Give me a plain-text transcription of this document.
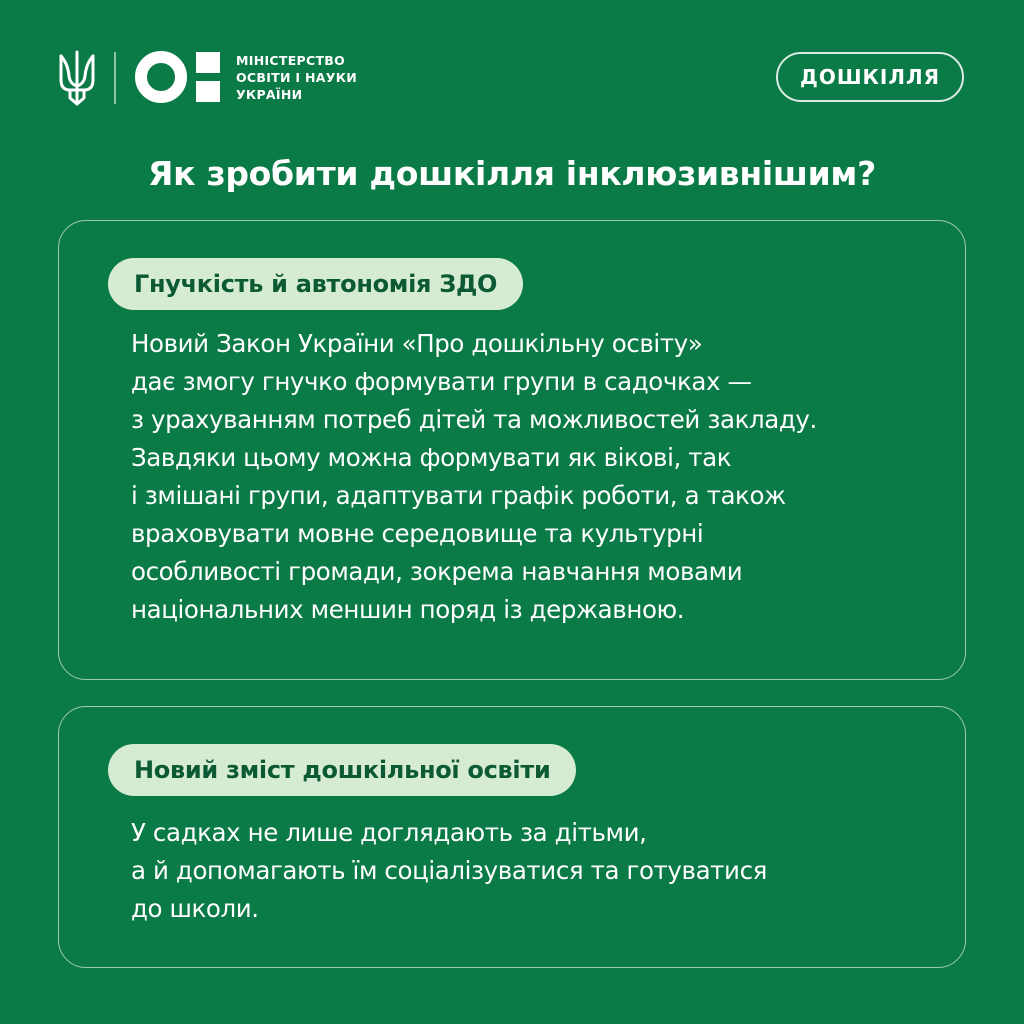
МІНІСТЕРСТВО
ОСВІТИ І НАУКИ
УКРАЇНИ
ДОШКІЛЛЯ
Як зробити дошкілля інклюзивнішим?
Гнучкість й автономія ЗДО
Новий Закон України «Про дошкільну освіту»
дає змогу гнучко формувати групи в садочках —
з урахуванням потреб дітей та можливостей закладу.
Завдяки цьому можна формувати як вікові, так
і змішані групи, адаптувати графік роботи, а також
враховувати мовне середовище та культурні
особливості громади, зокрема навчання мовами
національних меншин поряд із державною.
Новий зміст дошкільної освіти
У садках не лише доглядають за дітьми,
а й допомагають їм соціалізуватися та готуватися
до школи.
